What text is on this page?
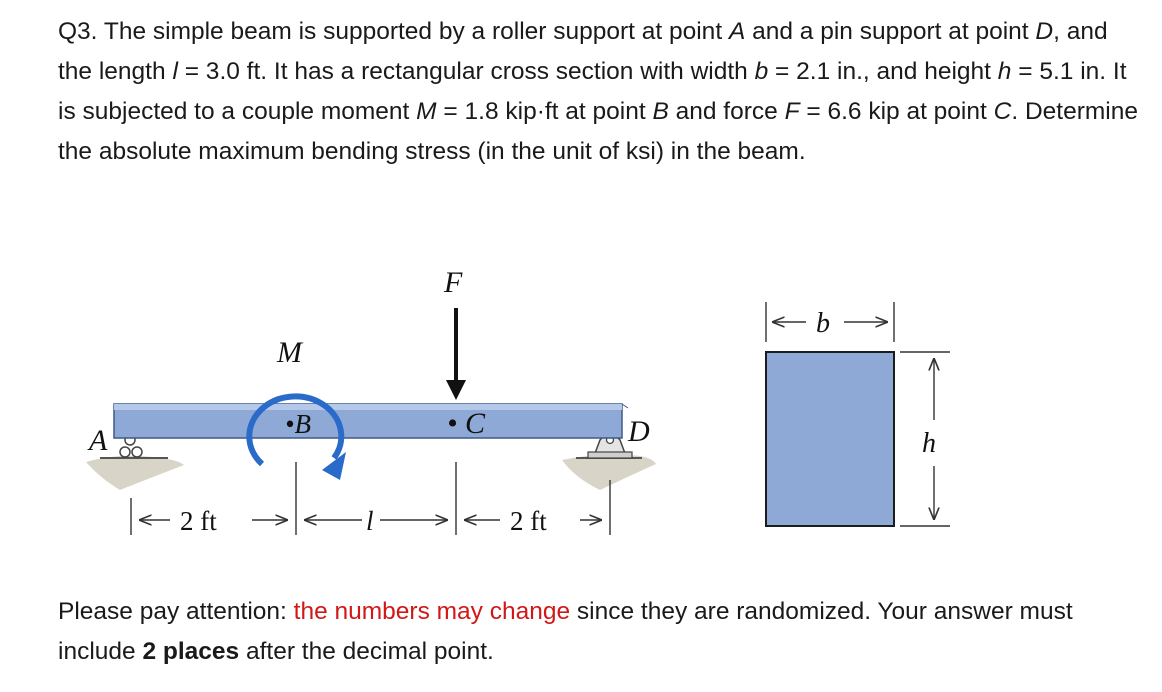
Q3. The simple beam is supported by a roller support at point A and a pin support at point D, and the length l = 3.0 ft. It has a rectangular cross section with width b = 2.1 in., and height h = 5.1 in. It is subjected to a couple moment M = 1.8 kip·ft at point B and force F = 6.6 kip at point C. Determine the absolute maximum bending stress (in the unit of ksi) in the beam.
F
M
A	•B	• C	D
2 ft	l	2 ft
b
h
Please pay attention: the numbers may change since they are randomized. Your answer must include 2 places after the decimal point.
